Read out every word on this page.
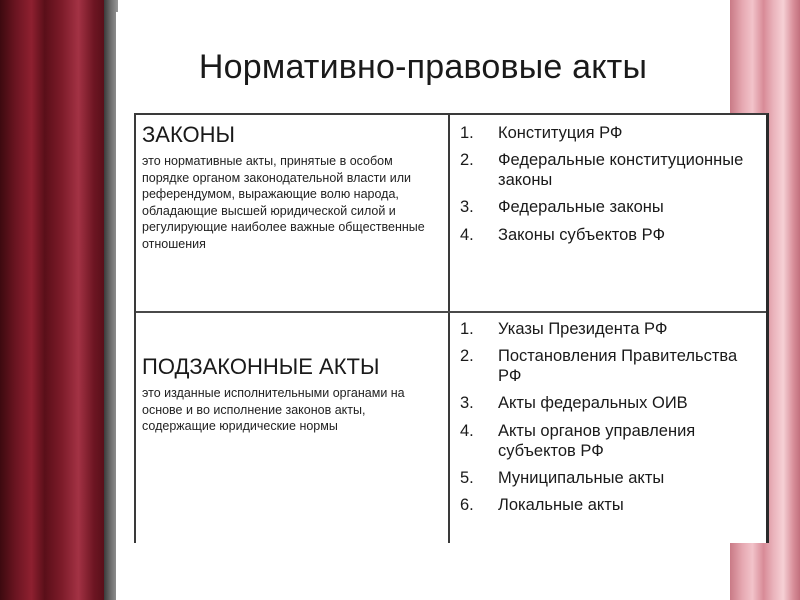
Нормативно-правовые акты
ЗАКОНЫ
это нормативные акты, принятые в особом порядке органом законодательной власти или референдумом, выражающие волю народа, обладающие высшей юридической силой и регулирующие наиболее важные общественные отношения
1. Конституция РФ
2. Федеральные конституционные законы
3. Федеральные законы
4. Законы субъектов РФ
ПОДЗАКОННЫЕ АКТЫ
это изданные исполнительными органами на основе и во исполнение законов акты, содержащие юридические нормы
1. Указы Президента РФ
2. Постановления Правительства РФ
3. Акты федеральных ОИВ
4. Акты органов управления субъектов РФ
5. Муниципальные акты
6. Локальные акты
